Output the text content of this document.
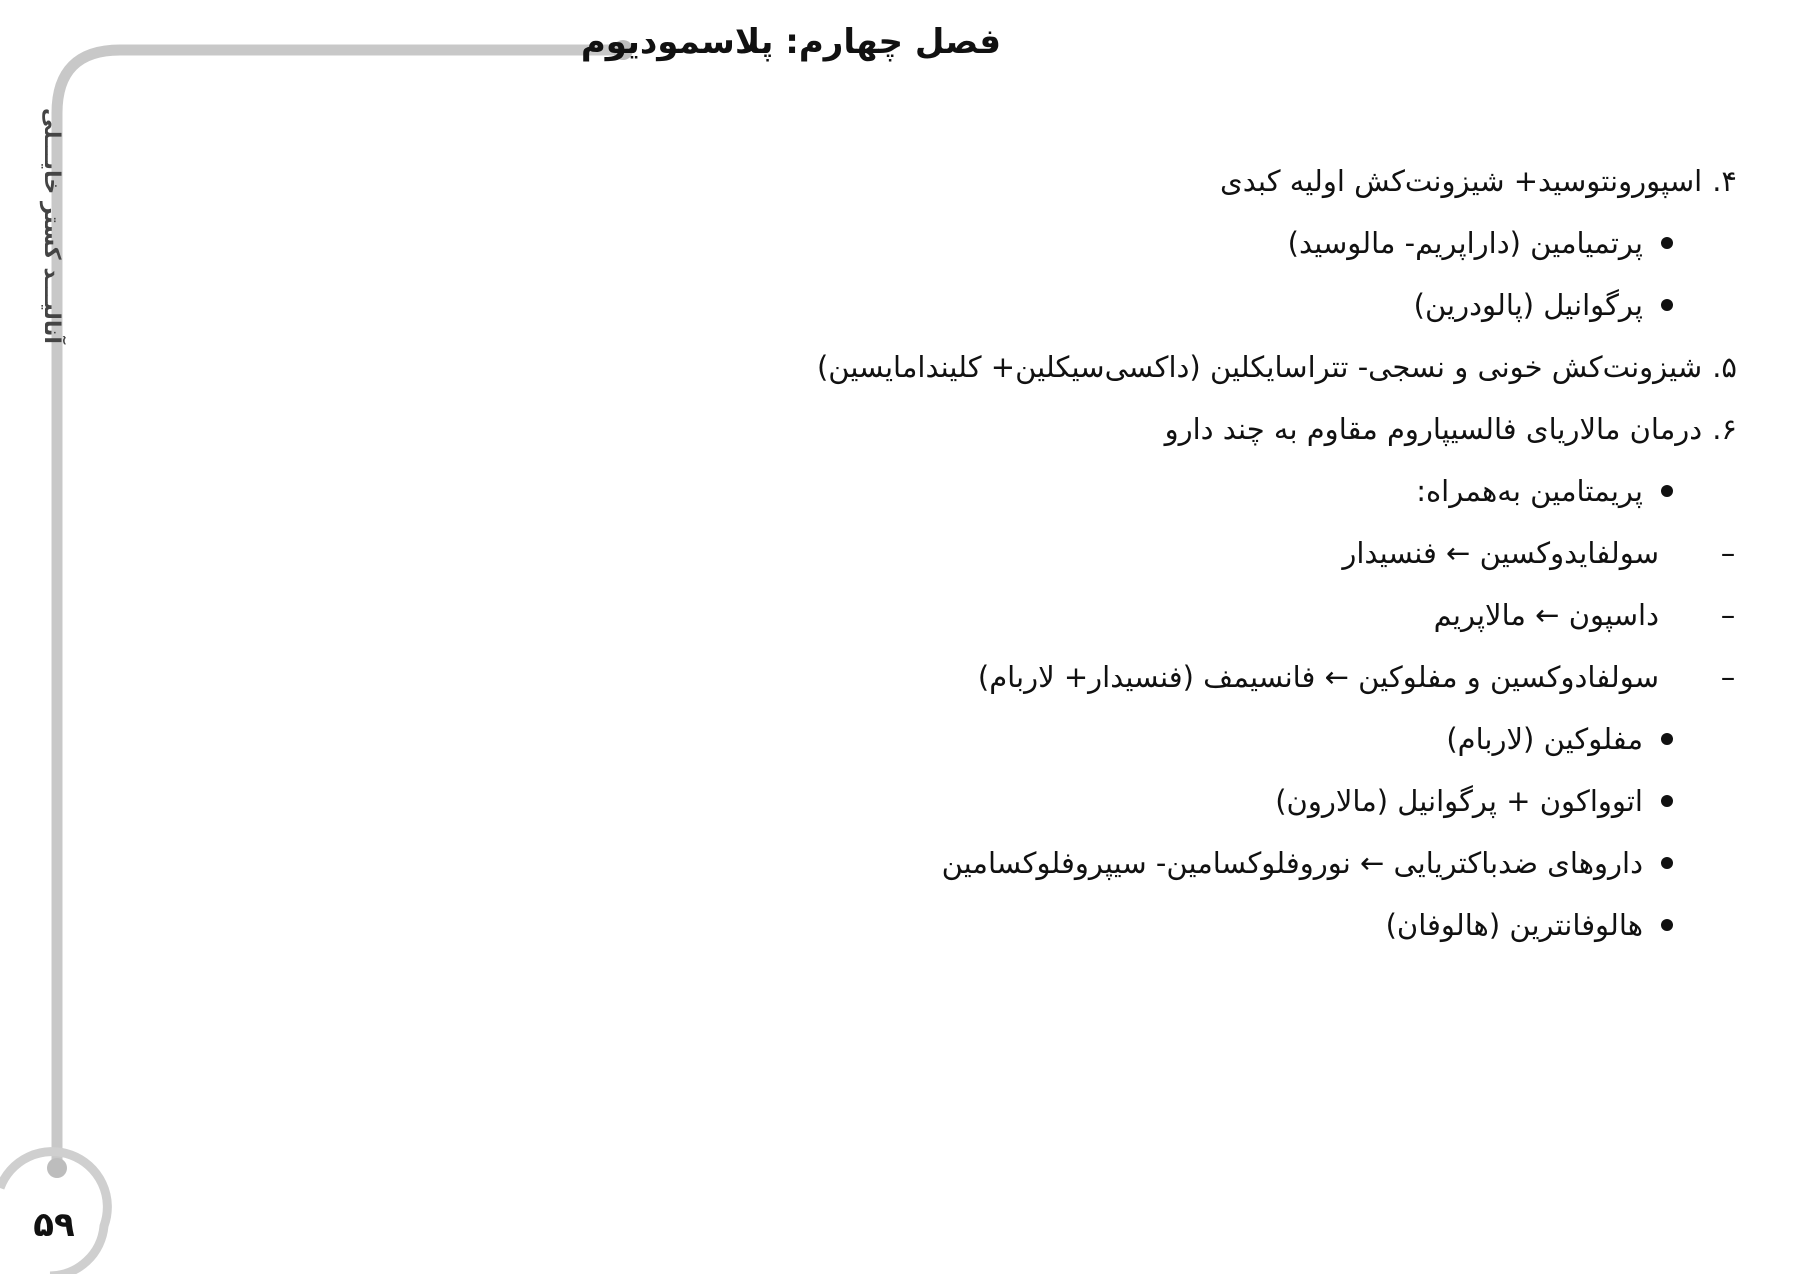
فصل چهارم: پلاسموديوم
آناليـــد كستر خايـــلى
۵۹
۴.اسپورونتوسيد+ شيزونت‌كش اوليه كبدی
پرتميامين (داراپريم- مالوسيد)
پرگوانيل (پالودرين)
۵.شيزونت‌كش خونی و نسجی- تتراسايكلين (داكسی‌سيكلين+ كليندامايسين)
۶.درمان مالاريای فالسيپاروم مقاوم به چند دارو
پريمتامين به‌همراه:
–
سولفايدوكسين ← فنسيدار
–
داسپون ← مالاپريم
–
سولفادوكسين و مفلوكين ← فانسيمف (فنسيدار+ لاربام)
مفلوكين (لاربام)
اتوواكون + پرگوانيل (مالارون)
داروهای ضدباكتريايی ← نوروفلوكسامين- سيپروفلوكسامين
هالوفانترين (هالوفان)
